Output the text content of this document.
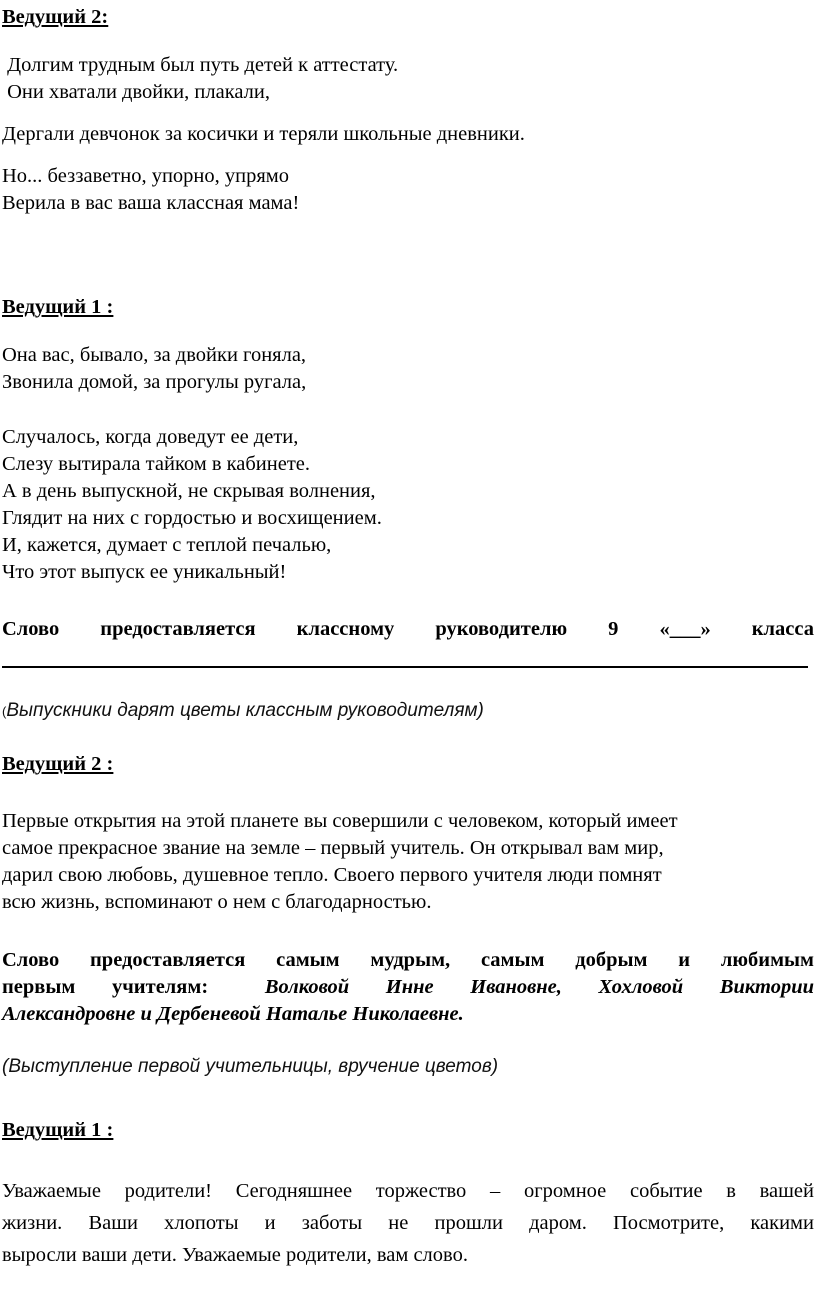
Ведущий 2:
Долгим трудным был путь детей к аттестату.
Они хватали двойки, плакали,
Дергали девчонок за косички и теряли школьные дневники.
Но... беззаветно, упорно, упрямо
Верила в вас ваша классная мама!
Ведущий 1 :
Она вас, бывало, за двойки гоняла,
Звонила домой, за прогулы ругала,
Случалось, когда доведут ее дети,
Слезу вытирала тайком в кабинете.
А в день выпускной, не скрывая волнения,
Глядит на них с гордостью и восхищением.
И, кажется, думает с теплой печалью,
Что этот выпуск ее уникальный!
Слово предоставляется классному руководителю 9 «___» класса
(Выпускники дарят цветы классным руководителям)
Ведущий 2 :
Первые открытия на этой планете вы совершили с человеком, который имеет
самое прекрасное звание на земле – первый учитель. Он открывал вам мир,
дарил свою любовь, душевное тепло. Своего первого учителя люди помнят
всю жизнь, вспоминают о нем с благодарностью.
Слово предоставляется самым мудрым, самым добрым и любимым
первым учителям:	Волковой Инне Ивановне, Хохловой Виктории
Александровне и Дербеневой Наталье Николаевне.
(Выступление первой учительницы, вручение цветов)
Ведущий 1 :
Уважаемые родители! Сегодняшнее торжество – огромное событие в вашей
жизни. Ваши хлопоты и заботы не прошли даром. Посмотрите, какими
выросли ваши дети. Уважаемые родители, вам слово.
